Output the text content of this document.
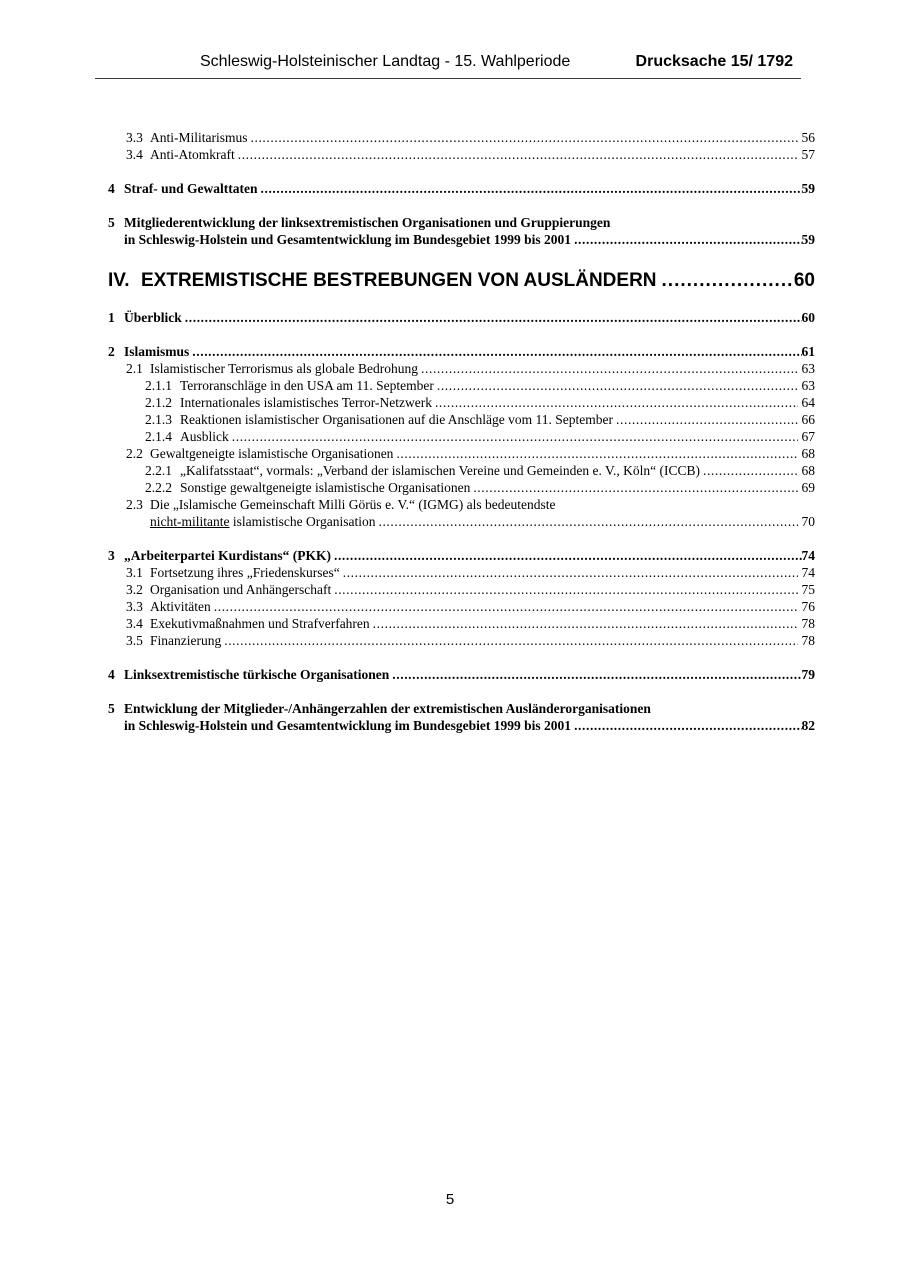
Schleswig-Holsteinischer Landtag - 15. Wahlperiode	Drucksache 15/ 1792
3.3 Anti-Militarismus .....	56
3.4 Anti-Atomkraft .....	57
4 Straf- und Gewalttaten .....	59
5 Mitgliederentwicklung der linksextremistischen Organisationen und Gruppierungen
in Schleswig-Holstein und Gesamtentwicklung im Bundesgebiet 1999 bis 2001 .....	59
IV. EXTREMISTISCHE BESTREBUNGEN VON AUSLÄNDERN .....	60
1 Überblick .....	60
2 Islamismus .....	61
2.1 Islamistischer Terrorismus als globale Bedrohung .....	63
2.1.1 Terroranschläge in den USA am 11. September .....	63
2.1.2 Internationales islamistisches Terror-Netzwerk .....	64
2.1.3 Reaktionen islamistischer Organisationen auf die Anschläge vom 11. September .....	66
2.1.4 Ausblick .....	67
2.2 Gewaltgeneigte islamistische Organisationen .....	68
2.2.1 „Kalifatsstaat“, vormals: „Verband der islamischen Vereine und Gemeinden e. V., Köln“ (ICCB) .....	68
2.2.2 Sonstige gewaltgeneigte islamistische Organisationen .....	69
2.3 Die „Islamische Gemeinschaft Milli Görüs e. V.“ (IGMG) als bedeutendste
nicht-militante islamistische Organisation .....	70
3 „Arbeiterpartei Kurdistans“ (PKK) .....	74
3.1 Fortsetzung ihres „Friedenskurses“ .....	74
3.2 Organisation und Anhängerschaft .....	75
3.3 Aktivitäten .....	76
3.4 Exekutivmaßnahmen und Strafverfahren .....	78
3.5 Finanzierung .....	78
4 Linksextremistische türkische Organisationen .....	79
5 Entwicklung der Mitglieder-/Anhängerzahlen der extremistischen Ausländerorganisationen
in Schleswig-Holstein und Gesamtentwicklung im Bundesgebiet 1999 bis 2001 .....	82
5
